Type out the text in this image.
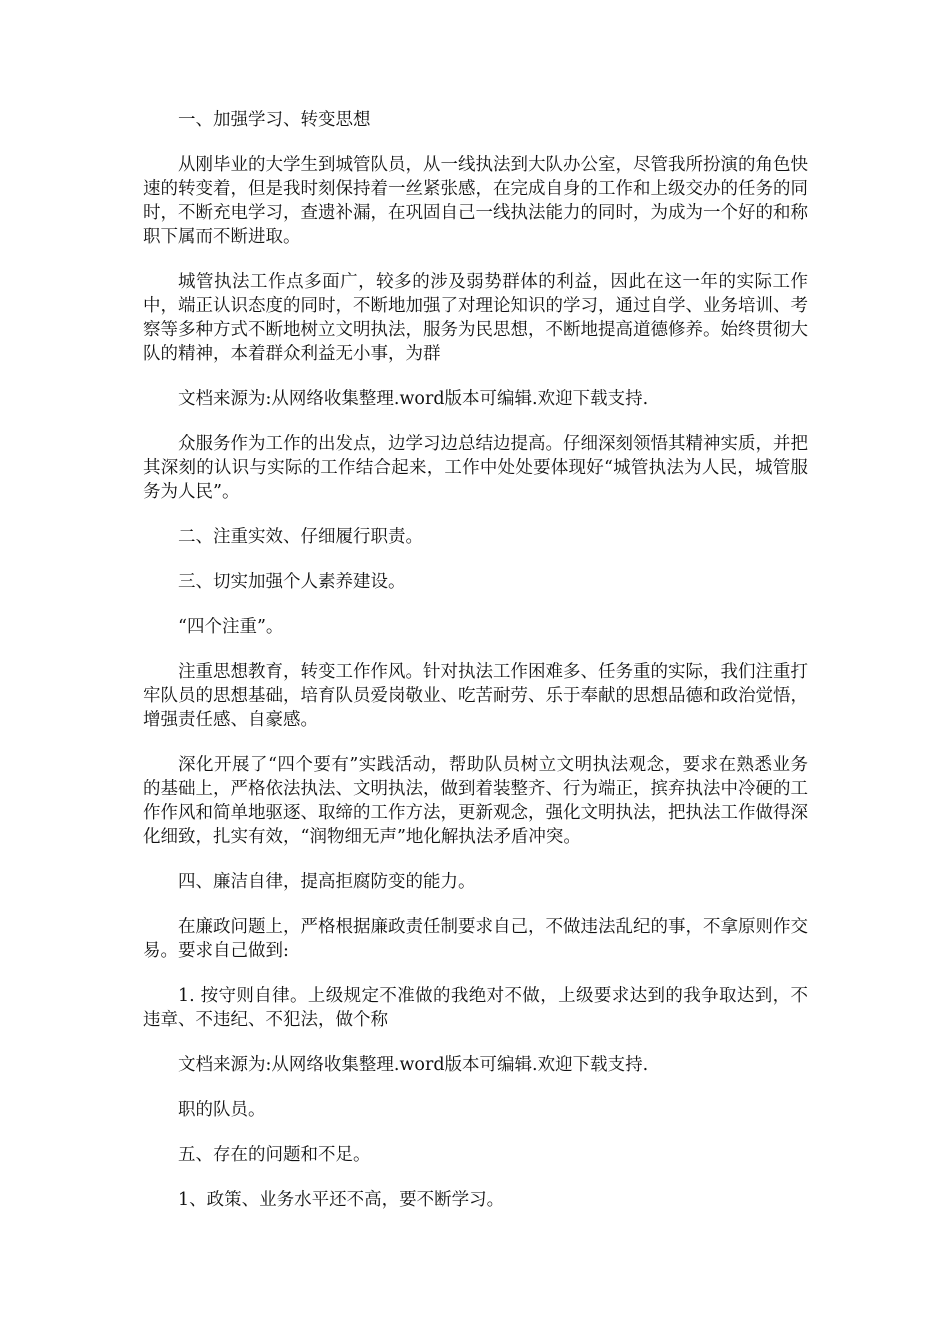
一、加强学习、转变思想

从刚毕业的大学生到城管队员，从一线执法到大队办公室，尽管我所扮演的角色快速的转变着，但是我时刻保持着一丝紧张感，在完成自身的工作和上级交办的任务的同时，不断充电学习，查遗补漏，在巩固自己一线执法能力的同时，为成为一个好的和称职下属而不断进取。

城管执法工作点多面广，较多的涉及弱势群体的利益，因此在这一年的实际工作中，端正认识态度的同时，不断地加强了对理论知识的学习，通过自学、业务培训、考察等多种方式不断地树立文明执法，服务为民思想，不断地提高道德修养。始终贯彻大队的精神，本着群众利益无小事，为群

文档来源为:从网络收集整理.word版本可编辑.欢迎下载支持.

众服务作为工作的出发点，边学习边总结边提高。仔细深刻领悟其精神实质，并把其深刻的认识与实际的工作结合起来，工作中处处要体现好“城管执法为人民，城管服务为人民”。

二、注重实效、仔细履行职责。

三、切实加强个人素养建设。

“四个注重”。

注重思想教育，转变工作作风。针对执法工作困难多、任务重的实际，我们注重打牢队员的思想基础，培育队员爱岗敬业、吃苦耐劳、乐于奉献的思想品德和政治觉悟，增强责任感、自豪感。

深化开展了“四个要有”实践活动，帮助队员树立文明执法观念，要求在熟悉业务的基础上，严格依法执法、文明执法，做到着装整齐、行为端正，摈弃执法中冷硬的工作作风和简单地驱逐、取缔的工作方法，更新观念，强化文明执法，把执法工作做得深化细致，扎实有效，“润物细无声”地化解执法矛盾冲突。

四、廉洁自律，提高拒腐防变的能力。

在廉政问题上，严格根据廉政责任制要求自己，不做违法乱纪的事，不拿原则作交易。要求自己做到:

1. 按守则自律。上级规定不准做的我绝对不做，上级要求达到的我争取达到，不违章、不违纪、不犯法，做个称

文档来源为:从网络收集整理.word版本可编辑.欢迎下载支持.

职的队员。

五、存在的问题和不足。

1、政策、业务水平还不高，要不断学习。
